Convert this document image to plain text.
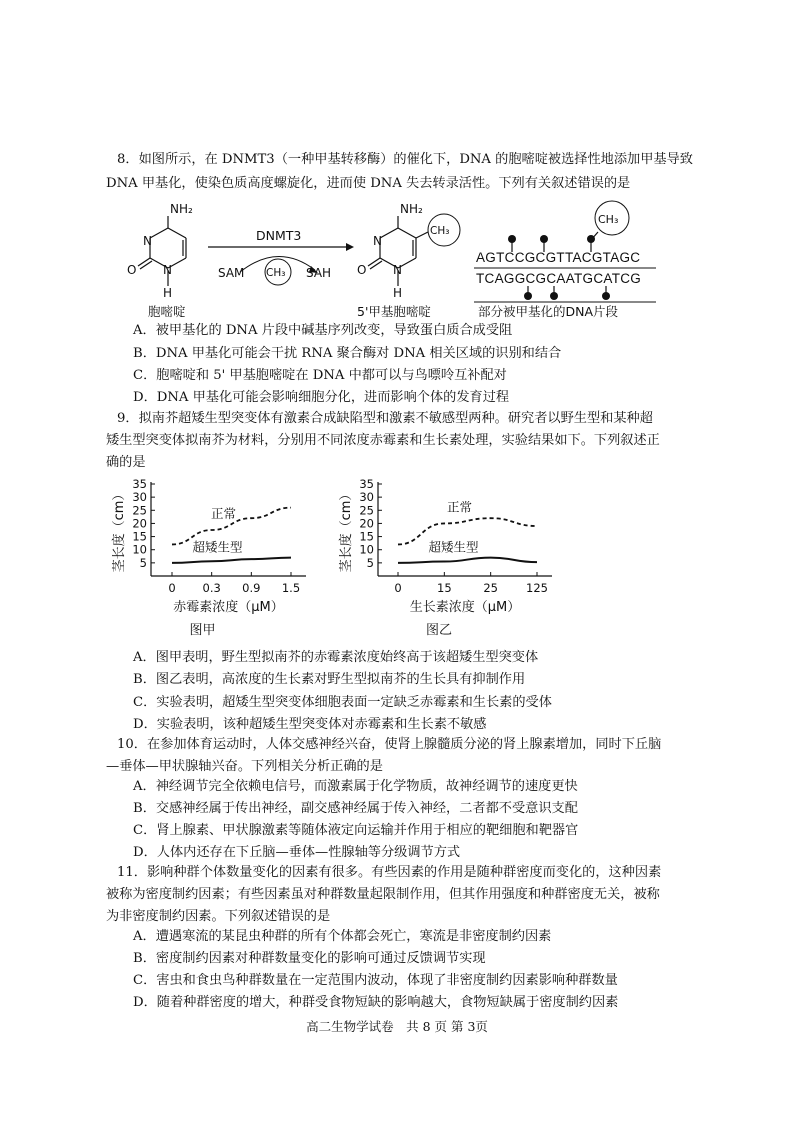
8．如图所示，在 DNMT3（一种甲基转移酶）的催化下，DNA 的胞嘧啶被选择性地添加甲基导致
DNA 甲基化，使染色质高度螺旋化，进而使 DNA 失去转录活性。下列有关叙述错误的是
NH₂
N
N
O
H
胞嘧啶
DNMT3
SAM CH₃ SAH
NH₂
N
N
O
H
CH₃
5'甲基胞嘧啶
CH₃
AGTCCGCGTTACGTAGC
TCAGGCGCAATGCATCG
部分被甲基化的DNA片段
A．被甲基化的 DNA 片段中碱基序列改变，导致蛋白质合成受阻
B．DNA 甲基化可能会干扰 RNA 聚合酶对 DNA 相关区域的识别和结合
C．胞嘧啶和 5' 甲基胞嘧啶在 DNA 中都可以与鸟嘌呤互补配对
D．DNA 甲基化可能会影响细胞分化，进而影响个体的发育过程
9．拟南芥超矮生型突变体有激素合成缺陷型和激素不敏感型两种。研究者以野生型和某种超
矮生型突变体拟南芥为材料，分别用不同浓度赤霉素和生长素处理，实验结果如下。下列叙述正
确的是
5
10
15
20
25
30
35
0 0.3 0.9 1.5
正常
超矮生型
赤霉素浓度（μM）
茎长度（cm）
图甲
5
10
15
20
25
30
35
0	15	25 125
正常
超矮生型
生长素浓度（μM）
茎长度（cm）
图乙
A．图甲表明，野生型拟南芥的赤霉素浓度始终高于该超矮生型突变体
B．图乙表明，高浓度的生长素对野生型拟南芥的生长具有抑制作用
C．实验表明，超矮生型突变体细胞表面一定缺乏赤霉素和生长素的受体
D．实验表明，该种超矮生型突变体对赤霉素和生长素不敏感
10．在参加体育运动时，人体交感神经兴奋，使肾上腺髓质分泌的肾上腺素增加，同时下丘脑
—垂体—甲状腺轴兴奋。下列相关分析正确的是
A．神经调节完全依赖电信号，而激素属于化学物质，故神经调节的速度更快
B．交感神经属于传出神经，副交感神经属于传入神经，二者都不受意识支配
C．肾上腺素、甲状腺激素等随体液定向运输并作用于相应的靶细胞和靶器官
D．人体内还存在下丘脑—垂体—性腺轴等分级调节方式
11．影响种群个体数量变化的因素有很多。有些因素的作用是随种群密度而变化的，这种因素
被称为密度制约因素；有些因素虽对种群数量起限制作用，但其作用强度和种群密度无关，被称
为非密度制约因素。下列叙述错误的是
A．遭遇寒流的某昆虫种群的所有个体都会死亡，寒流是非密度制约因素
B．密度制约因素对种群数量变化的影响可通过反馈调节实现
C．害虫和食虫鸟种群数量在一定范围内波动，体现了非密度制约因素影响种群数量
D．随着种群密度的增大，种群受食物短缺的影响越大，食物短缺属于密度制约因素
高二生物学试卷　共 8 页 第 3页
